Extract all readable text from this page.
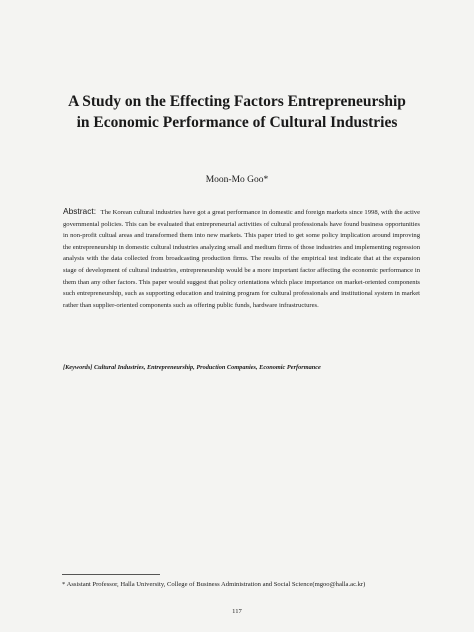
A Study on the Effecting Factors Entrepreneurship
in Economic Performance of Cultural Industries

Moon-Mo Goo*

Abstract: The Korean cultural industries have got a great performance in domestic and foreign markets since 1998, with the active governmental policies. This can be evaluated that entrepreneurial activities of cultural professionals have found business opportunities in non-profit cultual areas and transformed them into new markets. This paper tried to get some policy implication around improving the entrepreneurship in domestic cultural industries analyzing small and medium firms of those industries and implementing regression analysis with the data collected from broadcasting production firms. The results of the empirical test indicate that at the expansion stage of development of cultural industries, entrepreneurship would be a more important factor affecting the economic performance in them than any other factors. This paper would suggest that policy orientations which place importance on market-oriented components such entrepreneurship, such as supporting education and training program for cultural professionals and institutional system in market rather than supplier-oriented components such as offering public funds, hardware infrastructures.

[Keywords] Cultural Industries, Entrepreneurship, Production Companies, Economic Performance

* Assistant Professor, Halla University, College of Business Administration and Social Science(mgoo@halla.ac.kr)

117
